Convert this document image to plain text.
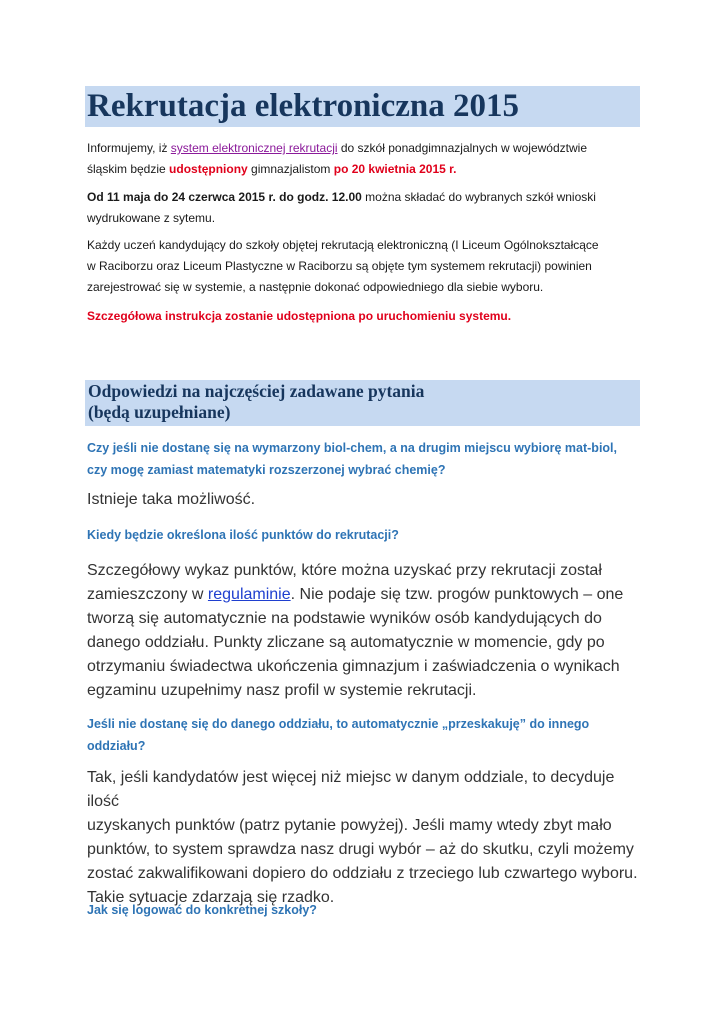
Rekrutacja elektroniczna 2015
Informujemy, iż system elektronicznej rekrutacji do szkół ponadgimnazjalnych w województwie
śląskim będzie udostępniony gimnazjalistom po 20 kwietnia 2015 r.
Od 11 maja do 24 czerwca 2015 r. do godz. 12.00 można składać do wybranych szkół wnioski
wydrukowane z sytemu.
Każdy uczeń kandydujący do szkoły objętej rekrutacją elektroniczną (I Liceum Ogólnokształcące
w Raciborzu oraz Liceum Plastyczne w Raciborzu są objęte tym systemem rekrutacji) powinien
zarejestrować się w systemie, a następnie dokonać odpowiedniego dla siebie wyboru.
Szczegółowa instrukcja zostanie udostępniona po uruchomieniu systemu.
Odpowiedzi na najczęściej zadawane pytania
(będą uzupełniane)
Czy jeśli nie dostanę się na wymarzony biol-chem, a na drugim miejscu wybiorę mat-biol,
czy mogę zamiast matematyki rozszerzonej wybrać chemię?
Istnieje taka możliwość.
Kiedy będzie określona ilość punktów do rekrutacji?
Szczegółowy wykaz punktów, które można uzyskać przy rekrutacji został
zamieszczony w regulaminie. Nie podaje się tzw. progów punktowych – one
tworzą się automatycznie na podstawie wyników osób kandydujących do
danego oddziału. Punkty zliczane są automatycznie w momencie, gdy po
otrzymaniu świadectwa ukończenia gimnazjum i zaświadczenia o wynikach
egzaminu uzupełnimy nasz profil w systemie rekrutacji.
Jeśli nie dostanę się do danego oddziału, to automatycznie „przeskakuję” do innego
oddziału?
Tak, jeśli kandydatów jest więcej niż miejsc w danym oddziale, to decyduje ilość
uzyskanych punktów (patrz pytanie powyżej). Jeśli mamy wtedy zbyt mało
punktów, to system sprawdza nasz drugi wybór – aż do skutku, czyli możemy
zostać zakwalifikowani dopiero do oddziału z trzeciego lub czwartego wyboru.
Takie sytuacje zdarzają się rzadko.
Jak się logować do konkretnej szkoły?
